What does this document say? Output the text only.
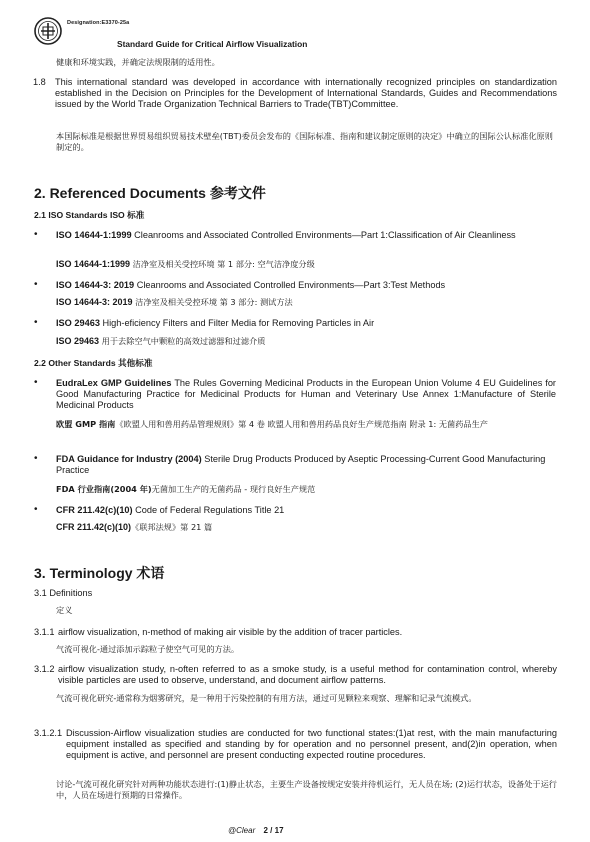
Designation:E3370-25a
Standard Guide for Critical Airflow Visualization
健康和环境实践，并确定法规限制的适用性。
1.8 This international standard was developed in accordance with internationally recognized principles on standardization established in the Decision on Principles for the Development of International Standards, Guides and Recommendations issued by the World Trade Organization Technical Barriers to Trade(TBT)Committee.
本国际标准是根据世界贸易组织贸易技术壁垒(TBT)委员会发布的《国际标准、指南和建议制定原则的决定》中确立的国际公认标准化原则制定的。
2. Referenced Documents 参考文件
2.1 ISO Standards ISO 标准
• ISO 14644-1:1999 Cleanrooms and Associated Controlled Environments—Part 1:Classification of Air Cleanliness
ISO 14644-1:1999 洁净室及相关受控环境 第 1 部分: 空气洁净度分级
• ISO 14644-3: 2019 Cleanrooms and Associated Controlled Environments—Part 3:Test Methods
ISO 14644-3: 2019 洁净室及相关受控环境 第 3 部分: 测试方法
• ISO 29463 High-eficiency Filters and Filter Media for Removing Particles in Air
ISO 29463 用于去除空气中颗粒的高效过滤器和过滤介质
2.2 Other Standards 其他标准
• EudraLex GMP Guidelines The Rules Governing Medicinal Products in the European Union Volume 4 EU Guidelines for Good Manufacturing Practice for Medicinal Products for Human and Veterinary Use Annex 1:Manufacture of Sterile Medicinal Products
欧盟 GMP 指南《欧盟人用和兽用药品管理规则》第 4 卷 欧盟人用和兽用药品良好生产规范指南 附录 1: 无菌药品生产
• FDA Guidance for Industry (2004) Sterile Drug Products Produced by Aseptic Processing-Current Good Manufacturing Practice
FDA 行业指南(2004 年)无菌加工生产的无菌药品 - 现行良好生产规范
• CFR 211.42(c)(10) Code of Federal Regulations Title 21
CFR 211.42(c)(10)《联邦法规》第 21 篇
3. Terminology 术语
3.1 Definitions
定义
3.1.1 airflow visualization, n-method of making air visible by the addition of tracer particles.
气流可视化-通过添加示踪粒子使空气可见的方法。
3.1.2 airflow visualization study, n-often referred to as a smoke study, is a useful method for contamination control, whereby visible particles are used to observe, understand, and document airflow patterns.
气流可视化研究-通常称为烟雾研究，是一种用于污染控制的有用方法，通过可见颗粒来观察、理解和记录气流模式。
3.1.2.1 Discussion-Airflow visualization studies are conducted for two functional states:(1)at rest, with the main manufacturing equipment installed as specified and standing by for operation and no personnel present, and(2)in operation, when equipment is active, and personnel are present conducting expected routine procedures.
讨论-气流可视化研究针对两种功能状态进行:(1)静止状态，主要生产设备按规定安装并待机运行，无人员在场; (2)运行状态，设备处于运行中，人员在场进行预期的日常操作。
@Clear 2 / 17
